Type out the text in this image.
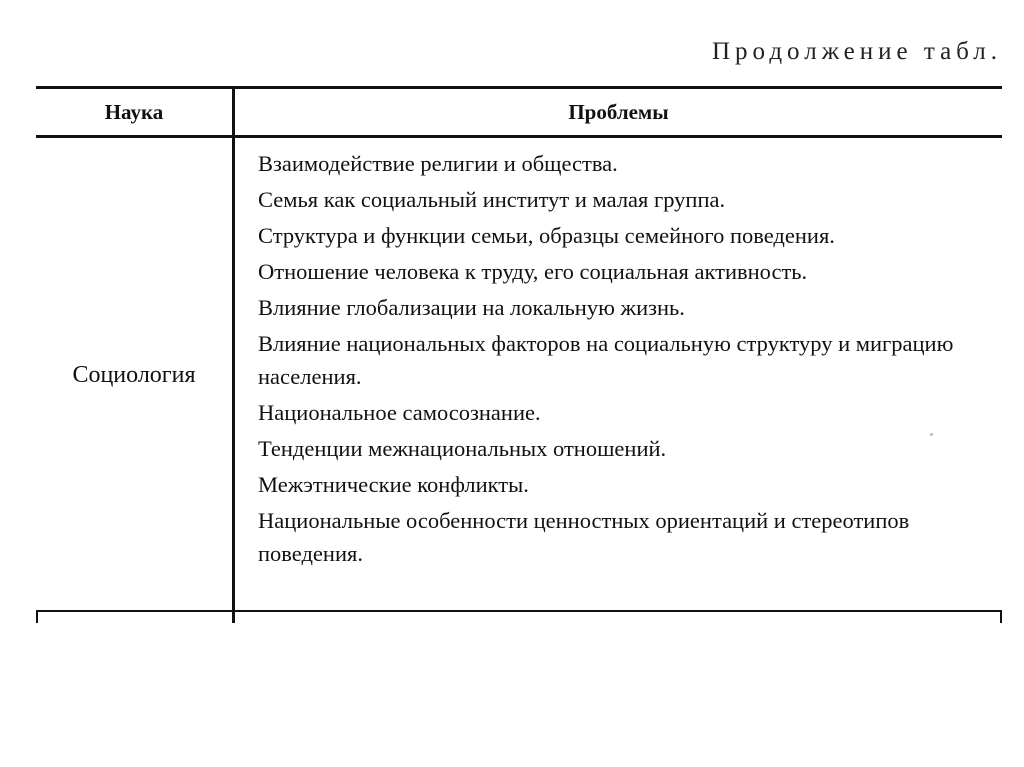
Продолжение табл.
Наука	Проблемы
Социология

Взаимодействие религии и общества.

Семья как социальный институт и малая группа.

Структура и функции семьи, образцы семейного поведения.

Отношение человека к труду, его социальная активность.

Влияние глобализации на локальную жизнь.

Влияние национальных факторов на социальную структуру и миграцию населения.

Национальное самосознание.

Тенденции межнациональных отношений.

Межэтнические конфликты.

Национальные особенности ценностных ориентаций и стереотипов поведения.
